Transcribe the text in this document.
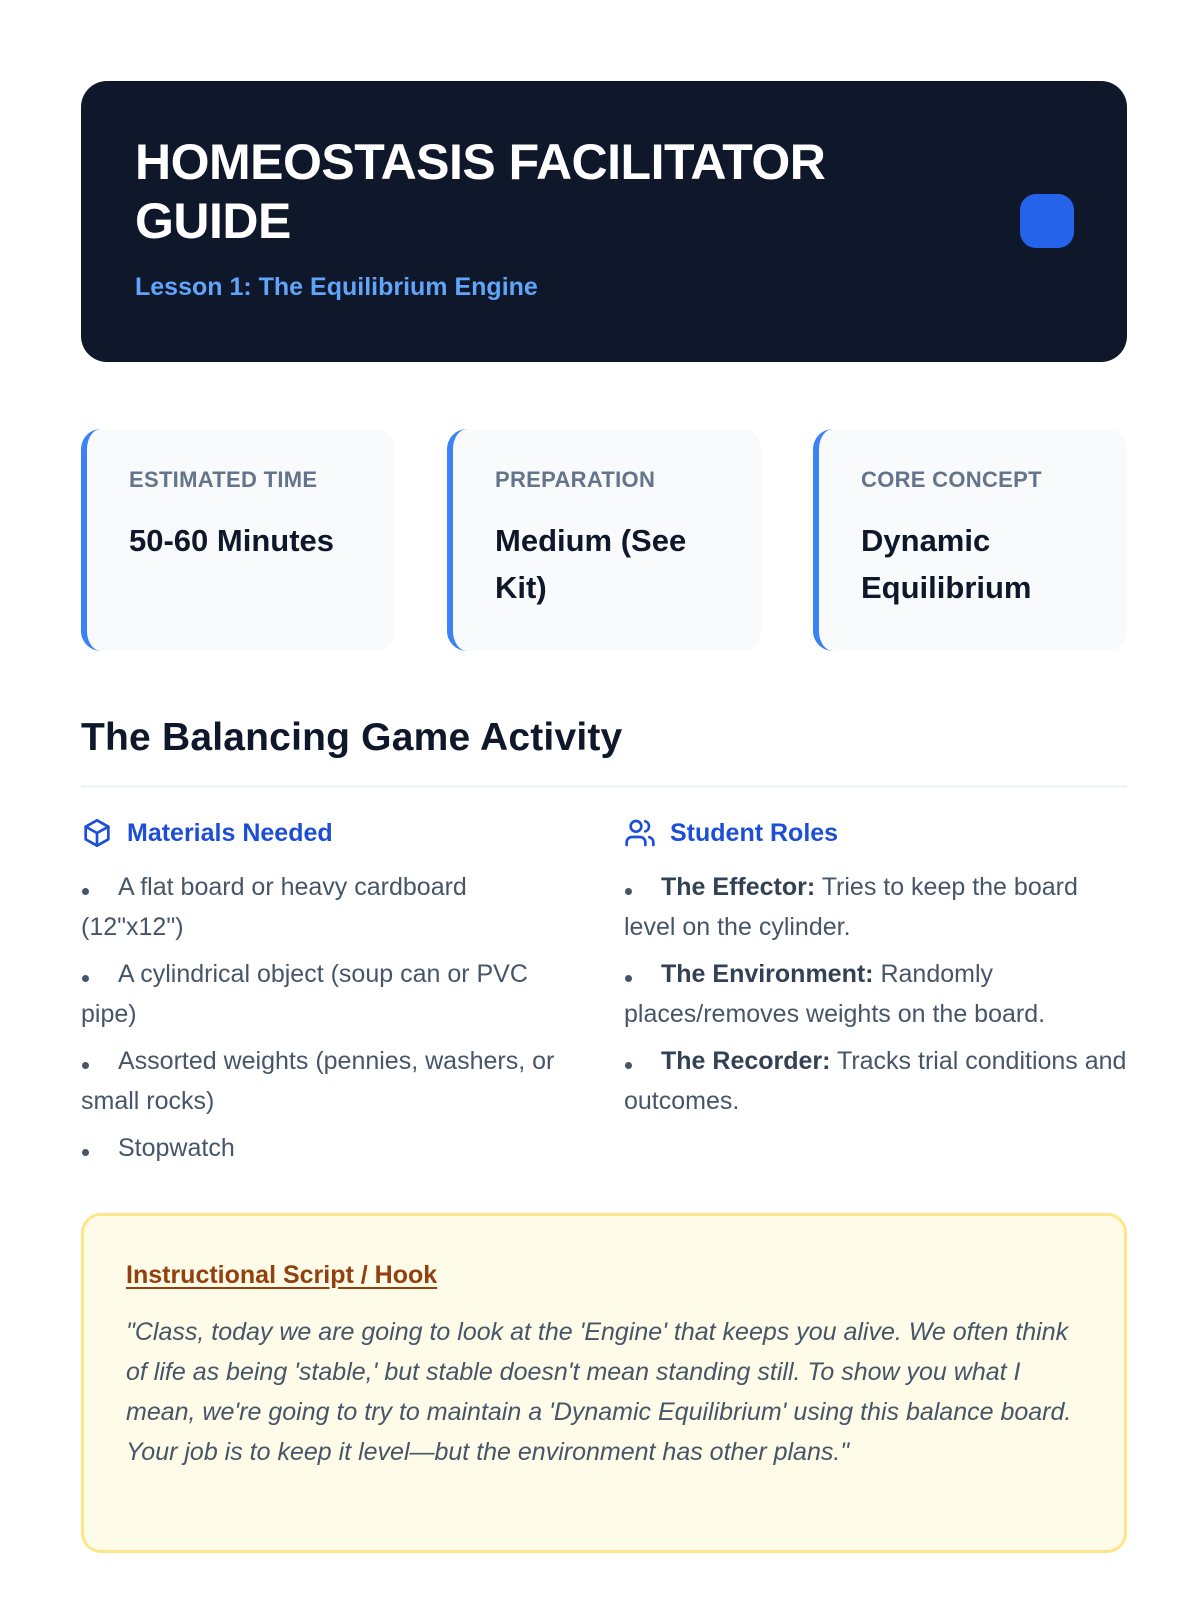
HOMEOSTASIS FACILITATOR GUIDE
Lesson 1: The Equilibrium Engine
ESTIMATED TIME
50-60 Minutes
PREPARATION
Medium (See Kit)
CORE CONCEPT
Dynamic Equilibrium
The Balancing Game Activity
Materials Needed
A flat board or heavy cardboard (12"x12")
A cylindrical object (soup can or PVC pipe)
Assorted weights (pennies, washers, or small rocks)
Stopwatch
Student Roles
The Effector: Tries to keep the board level on the cylinder.
The Environment: Randomly places/removes weights on the board.
The Recorder: Tracks trial conditions and outcomes.
Instructional Script / Hook

"Class, today we are going to look at the 'Engine' that keeps you alive. We often think of life as being 'stable,' but stable doesn't mean standing still. To show you what I mean, we're going to try to maintain a 'Dynamic Equilibrium' using this balance board. Your job is to keep it level—but the environment has other plans."
